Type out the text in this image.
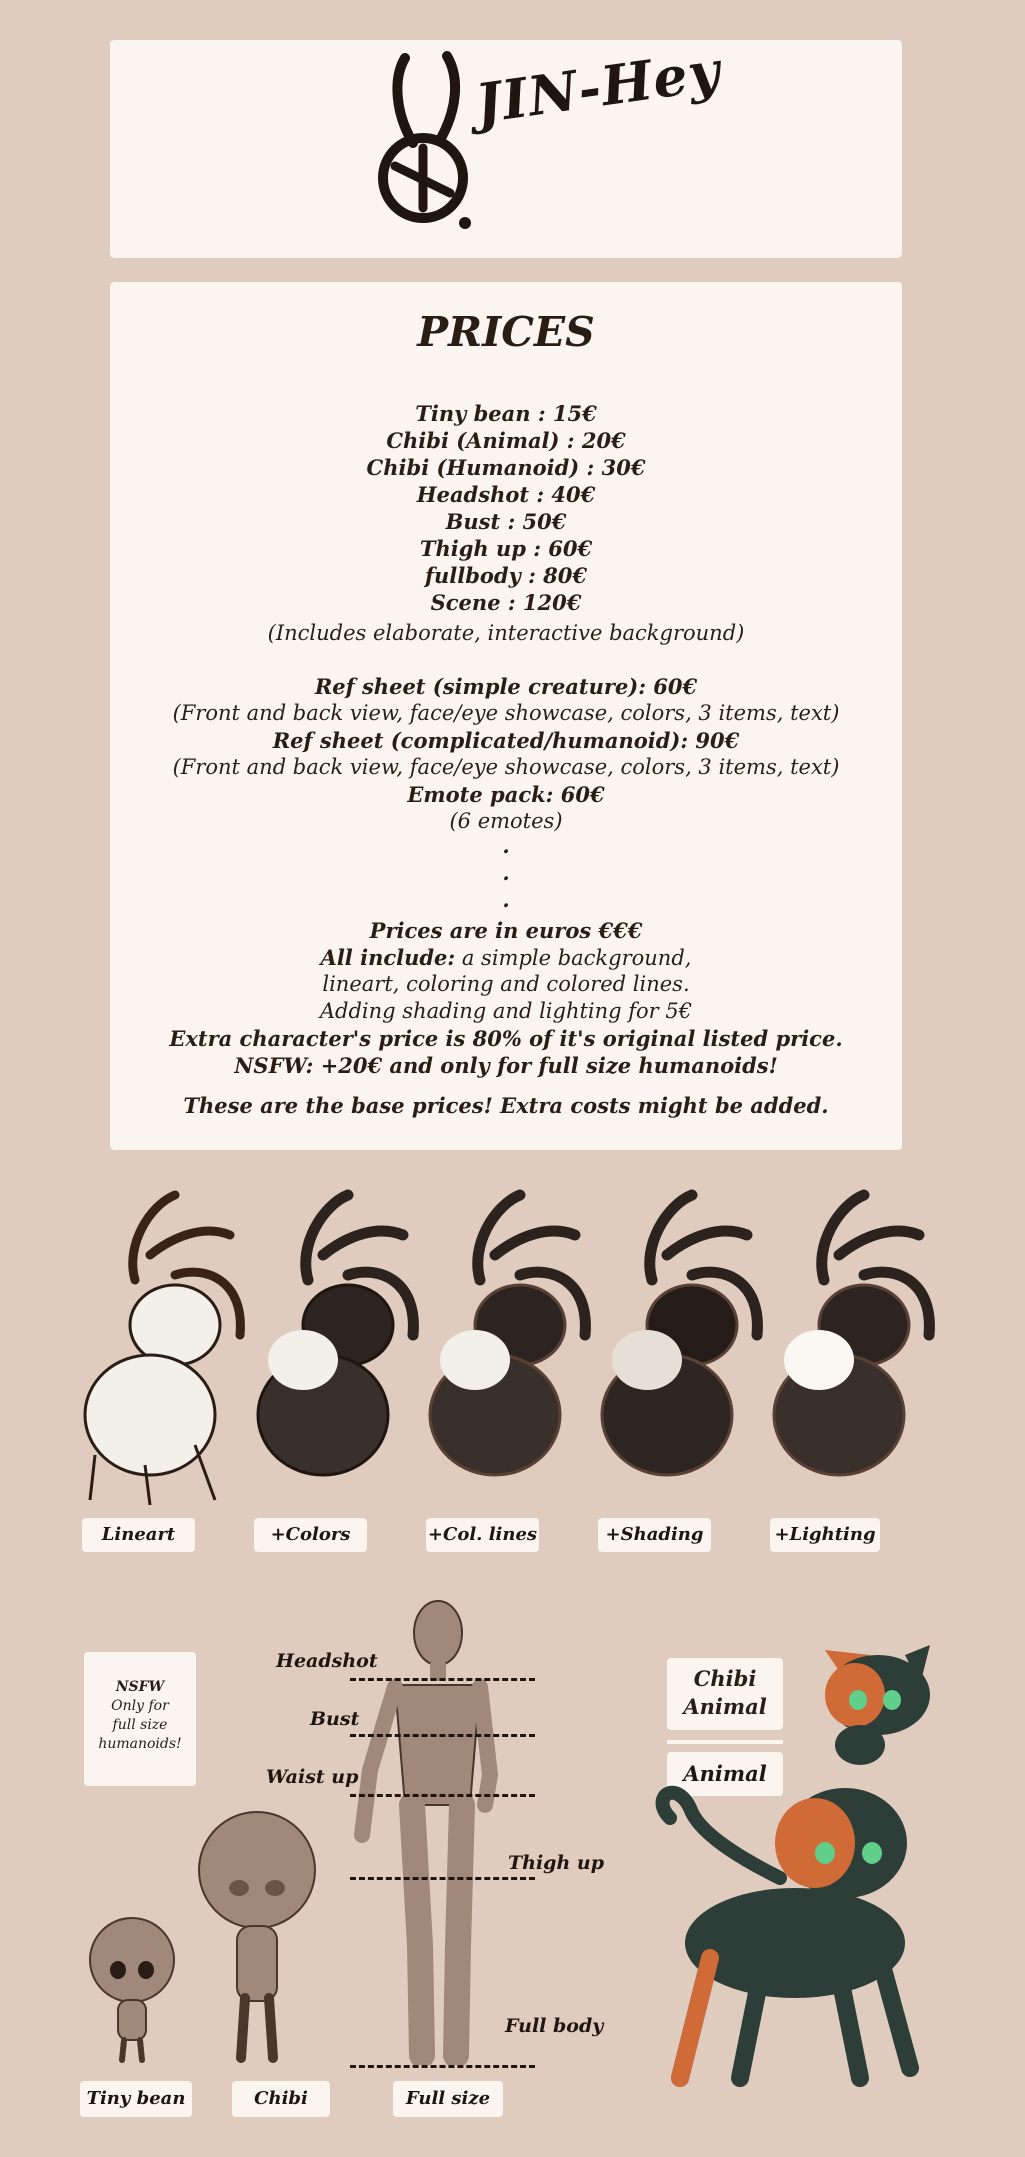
JIN-Hey
PRICES
Tiny bean : 15€
Chibi (Animal) : 20€
Chibi (Humanoid) : 30€
Headshot : 40€
Bust : 50€
Thigh up : 60€
fullbody : 80€
Scene : 120€
(Includes elaborate, interactive background)
Ref sheet (simple creature): 60€
(Front and back view, face/eye showcase, colors, 3 items, text)
Ref sheet (complicated/humanoid): 90€
(Front and back view, face/eye showcase, colors, 3 items, text)
Emote pack: 60€
(6 emotes)
.
.
.
Prices are in euros €€€
All include: a simple background,
lineart, coloring and colored lines.
Adding shading and lighting for 5€
Extra character's price is 80% of it's original listed price.
NSFW: +20€ and only for full size humanoids!
These are the base prices! Extra costs might be added.
Lineart	+Colors	+Col. lines	+Shading	+Lighting
NSFW
Only for
full size
humanoids!
Headshot
Bust
Waist up
Thigh up
Full body
Tiny bean	Chibi	Full size
Chibi
Animal
Animal
